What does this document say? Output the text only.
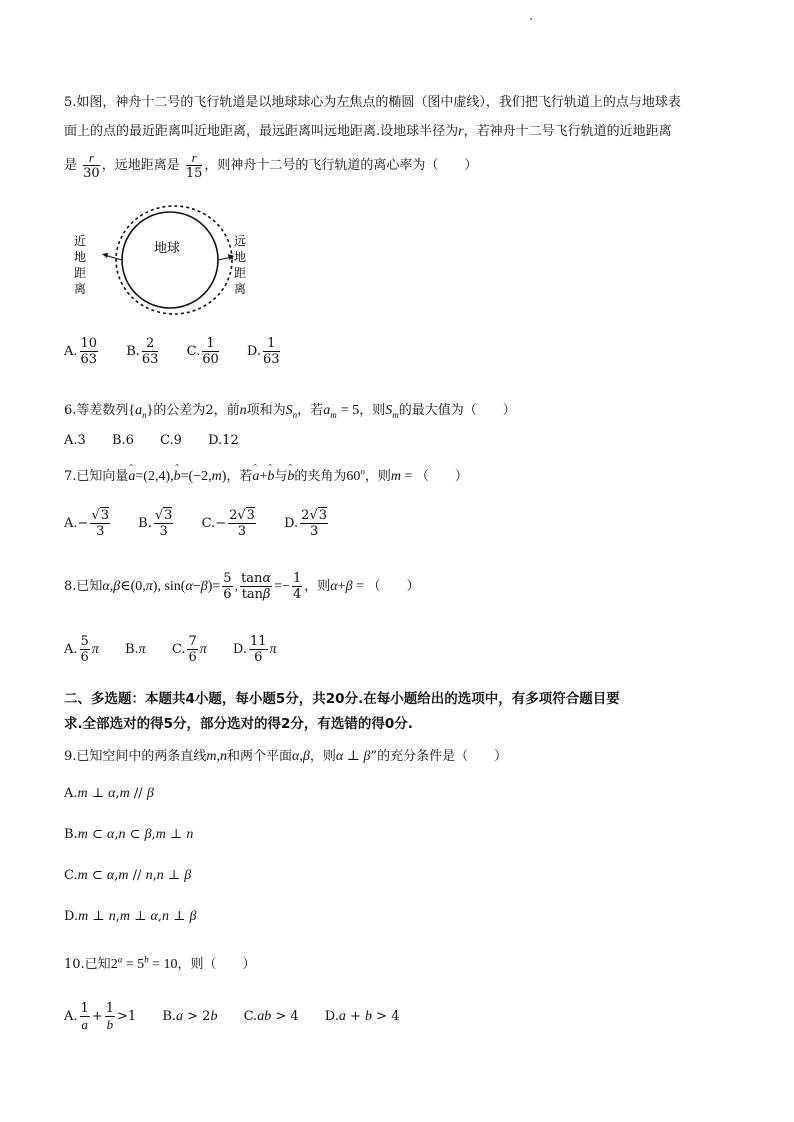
5.如图，神舟十二号的飞行轨道是以地球球心为左焦点的椭圆（图中虚线），我们把飞行轨道上的点与地球表
面上的点的最近距离叫近地距离，最远距离叫远地距离.设地球半径为r，若神舟十二号飞行轨道的近地距离
是 $\frac{r}{30}$ ，远地距离是 $\frac{r}{15}$ ，则神舟十二号的飞行轨道的离心率为（　　）
地球
近
地
距
离
远
地
距
离
A. $\frac{10}{63} B$. $\frac{2}{63} C$. $\frac{1}{60} D$. $\frac{1}{63}$
6.等差数列$\{a_n\}$的公差为2，前n项和为$S_n$，若$a_m = 5$，则$S_m$的最大值为（　　）
A.3 B.6 C.9 D.12
7.已知向量› a=(2,4),› b=(−2,m)，若› a+› b与› b的夹角为60$^o$，则m = （　　）
$A.- \frac{√3}{3} B$. $\frac{√3}{3} C.- \frac{2√3}{3} D$. $\frac{2√3}{3}$
8.已知α,β∈(0,π), $\sin(\alpha-\beta)= \frac{5}{6}$ , $\frac{\tan\alpha}{\tan\beta} =- \frac{1}{4}$ ，则α+β = （　　）
A. $\frac{5}{6}$ π B.π C. $\frac{7}{6}$ π D. $\frac{11}{6}$ π
二、多选题：本题共4小题，每小题5分，共20分.在每小题给出的选项中，有多项符合题目要
求.全部选对的得5分，部分选对的得2分，有选错的得0分.
9.已知空间中的两条直线m,n和两个平面α,β，则α ⊥ β”的充分条件是（　　）
A.m ⊥ α,m // β
B.m ⊂ α,n ⊂ β,m ⊥ n
C.m ⊂ α,m // n,n ⊥ β
D.m ⊥ n,m ⊥ α,n ⊥ β
10.已知$2^a = 5^b = 10$，则（　　）
A. $\frac{1}{a} + \frac{1}{b} >1$ B.a > 2b C.ab > 4 D.a + b > 4
